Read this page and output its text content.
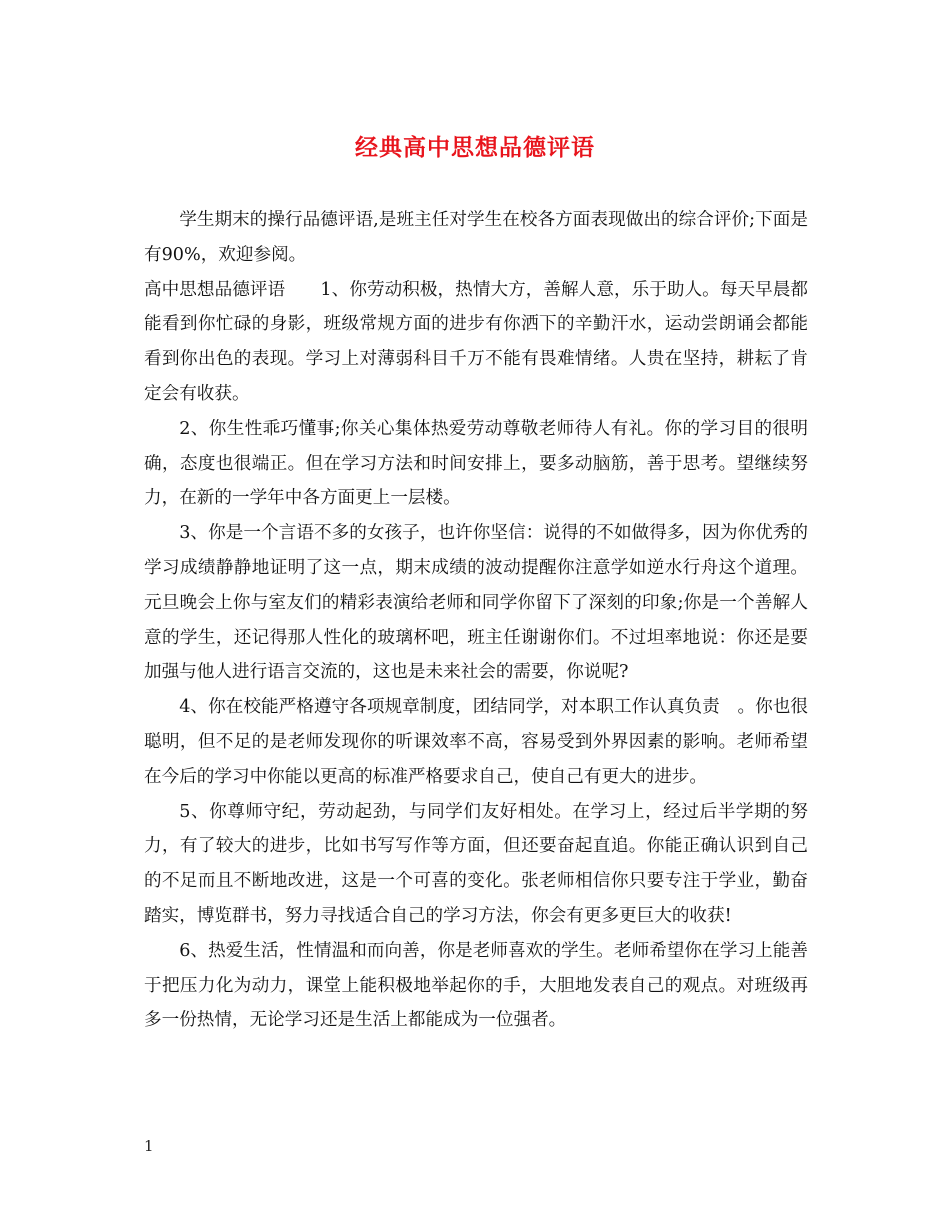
经典高中思想品德评语

学生期末的操行品德评语,是班主任对学生在校各方面表现做出的综合评价;下面是有90%，欢迎参阅。

高中思想品德评语　　1、你劳动积极，热情大方，善解人意，乐于助人。每天早晨都能看到你忙碌的身影，班级常规方面的进步有你洒下的辛勤汗水，运动尝朗诵会都能看到你出色的表现。学习上对薄弱科目千万不能有畏难情绪。人贵在坚持，耕耘了肯定会有收获。

2、你生性乖巧懂事;你关心集体热爱劳动尊敬老师待人有礼。你的学习目的很明确，态度也很端正。但在学习方法和时间安排上，要多动脑筋，善于思考。望继续努力，在新的一学年中各方面更上一层楼。

3、你是一个言语不多的女孩子，也许你坚信：说得的不如做得多，因为你优秀的学习成绩静静地证明了这一点，期末成绩的波动提醒你注意学如逆水行舟这个道理。元旦晚会上你与室友们的精彩表演给老师和同学你留下了深刻的印象;你是一个善解人意的学生，还记得那人性化的玻璃杯吧，班主任谢谢你们。不过坦率地说：你还是要加强与他人进行语言交流的，这也是未来社会的需要，你说呢?

4、你在校能严格遵守各项规章制度，团结同学，对本职工作认真负责　。你也很聪明，但不足的是老师发现你的听课效率不高，容易受到外界因素的影响。老师希望在今后的学习中你能以更高的标准严格要求自己，使自己有更大的进步。

5、你尊师守纪，劳动起劲，与同学们友好相处。在学习上，经过后半学期的努力，有了较大的进步，比如书写写作等方面，但还要奋起直追。你能正确认识到自己的不足而且不断地改进，这是一个可喜的变化。张老师相信你只要专注于学业，勤奋踏实，博览群书，努力寻找适合自己的学习方法，你会有更多更巨大的收获!

6、热爱生活，性情温和而向善，你是老师喜欢的学生。老师希望你在学习上能善于把压力化为动力，课堂上能积极地举起你的手，大胆地发表自己的观点。对班级再多一份热情，无论学习还是生活上都能成为一位强者。

1
